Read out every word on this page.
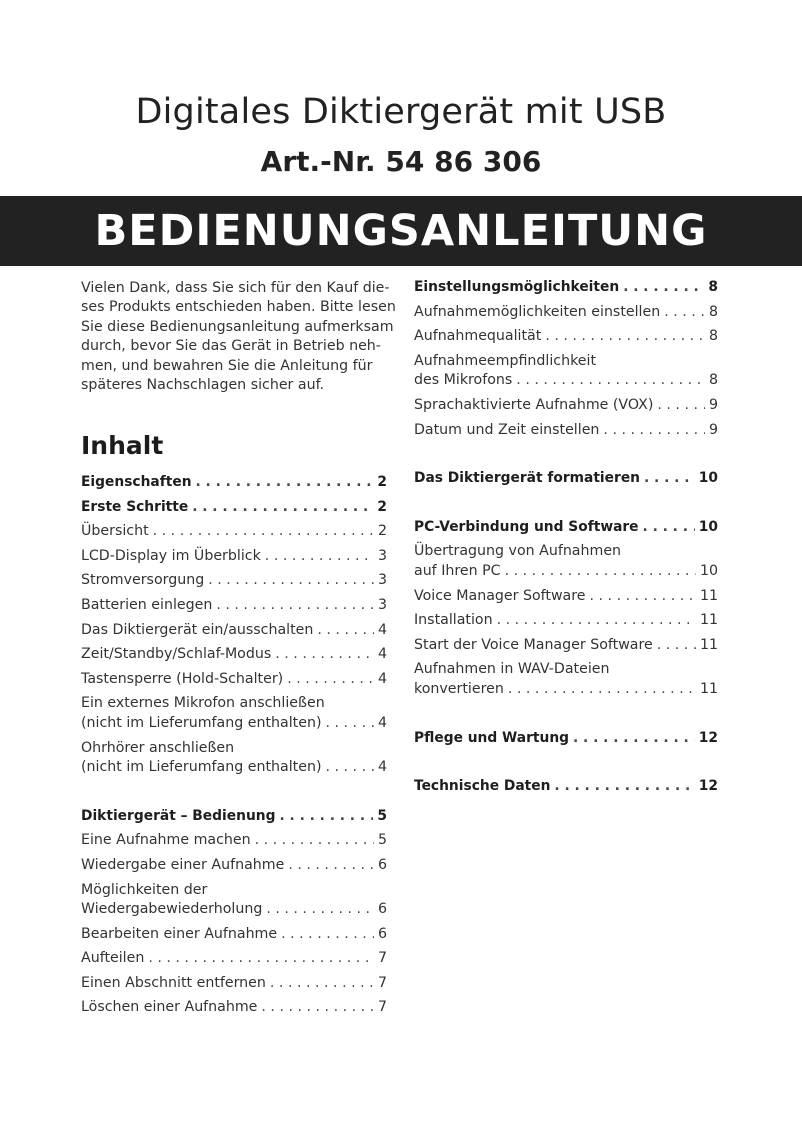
Digitales Diktiergerät mit USB
Art.-Nr. 54 86 306
BEDIENUNGSANLEITUNG
Vielen Dank, dass Sie sich für den Kauf die-
ses Produkts entschieden haben. Bitte lesen
Sie diese Bedienungsanleitung aufmerksam
durch, bevor Sie das Gerät in Betrieb neh-
men, und bewahren Sie die Anleitung für
späteres Nachschlagen sicher auf.
Inhalt
Eigenschaften . . .	2
Erste Schritte . . .	2
Übersicht . . .	2
LCD-Display im Überblick . . .	3
Stromversorgung . . .	3
Batterien einlegen . . .	3
Das Diktiergerät ein/ausschalten . . .	4
Zeit/Standby/Schlaf-Modus . . .	4
Tastensperre (Hold-Schalter) . . .	4
Ein externes Mikrofon anschließen
(nicht im Lieferumfang enthalten) . . .	4
Ohrhörer anschließen
(nicht im Lieferumfang enthalten) . . .	4
Diktiergerät – Bedienung . . .	5
Eine Aufnahme machen . . .	5
Wiedergabe einer Aufnahme . . .	6
Möglichkeiten der
Wiedergabewiederholung . . .	6
Bearbeiten einer Aufnahme . . .	6
Aufteilen . . .	7
Einen Abschnitt entfernen . . .	7
Löschen einer Aufnahme . . .	7
Einstellungsmöglichkeiten . . .	8
Aufnahmemöglichkeiten einstellen . . .	8
Aufnahmequalität . . .	8
Aufnahmeempfindlichkeit
des Mikrofons . . .	8
Sprachaktivierte Aufnahme (VOX) . . .	9
Datum und Zeit einstellen . . .	9
Das Diktiergerät formatieren . . .	10
PC-Verbindung und Software . . .	10
Übertragung von Aufnahmen
auf Ihren PC . . .	10
Voice Manager Software . . .	11
Installation . . .	11
Start der Voice Manager Software . . .	11
Aufnahmen in WAV-Dateien
konvertieren . . .	11
Pflege und Wartung . . .	12
Technische Daten . . .	12
